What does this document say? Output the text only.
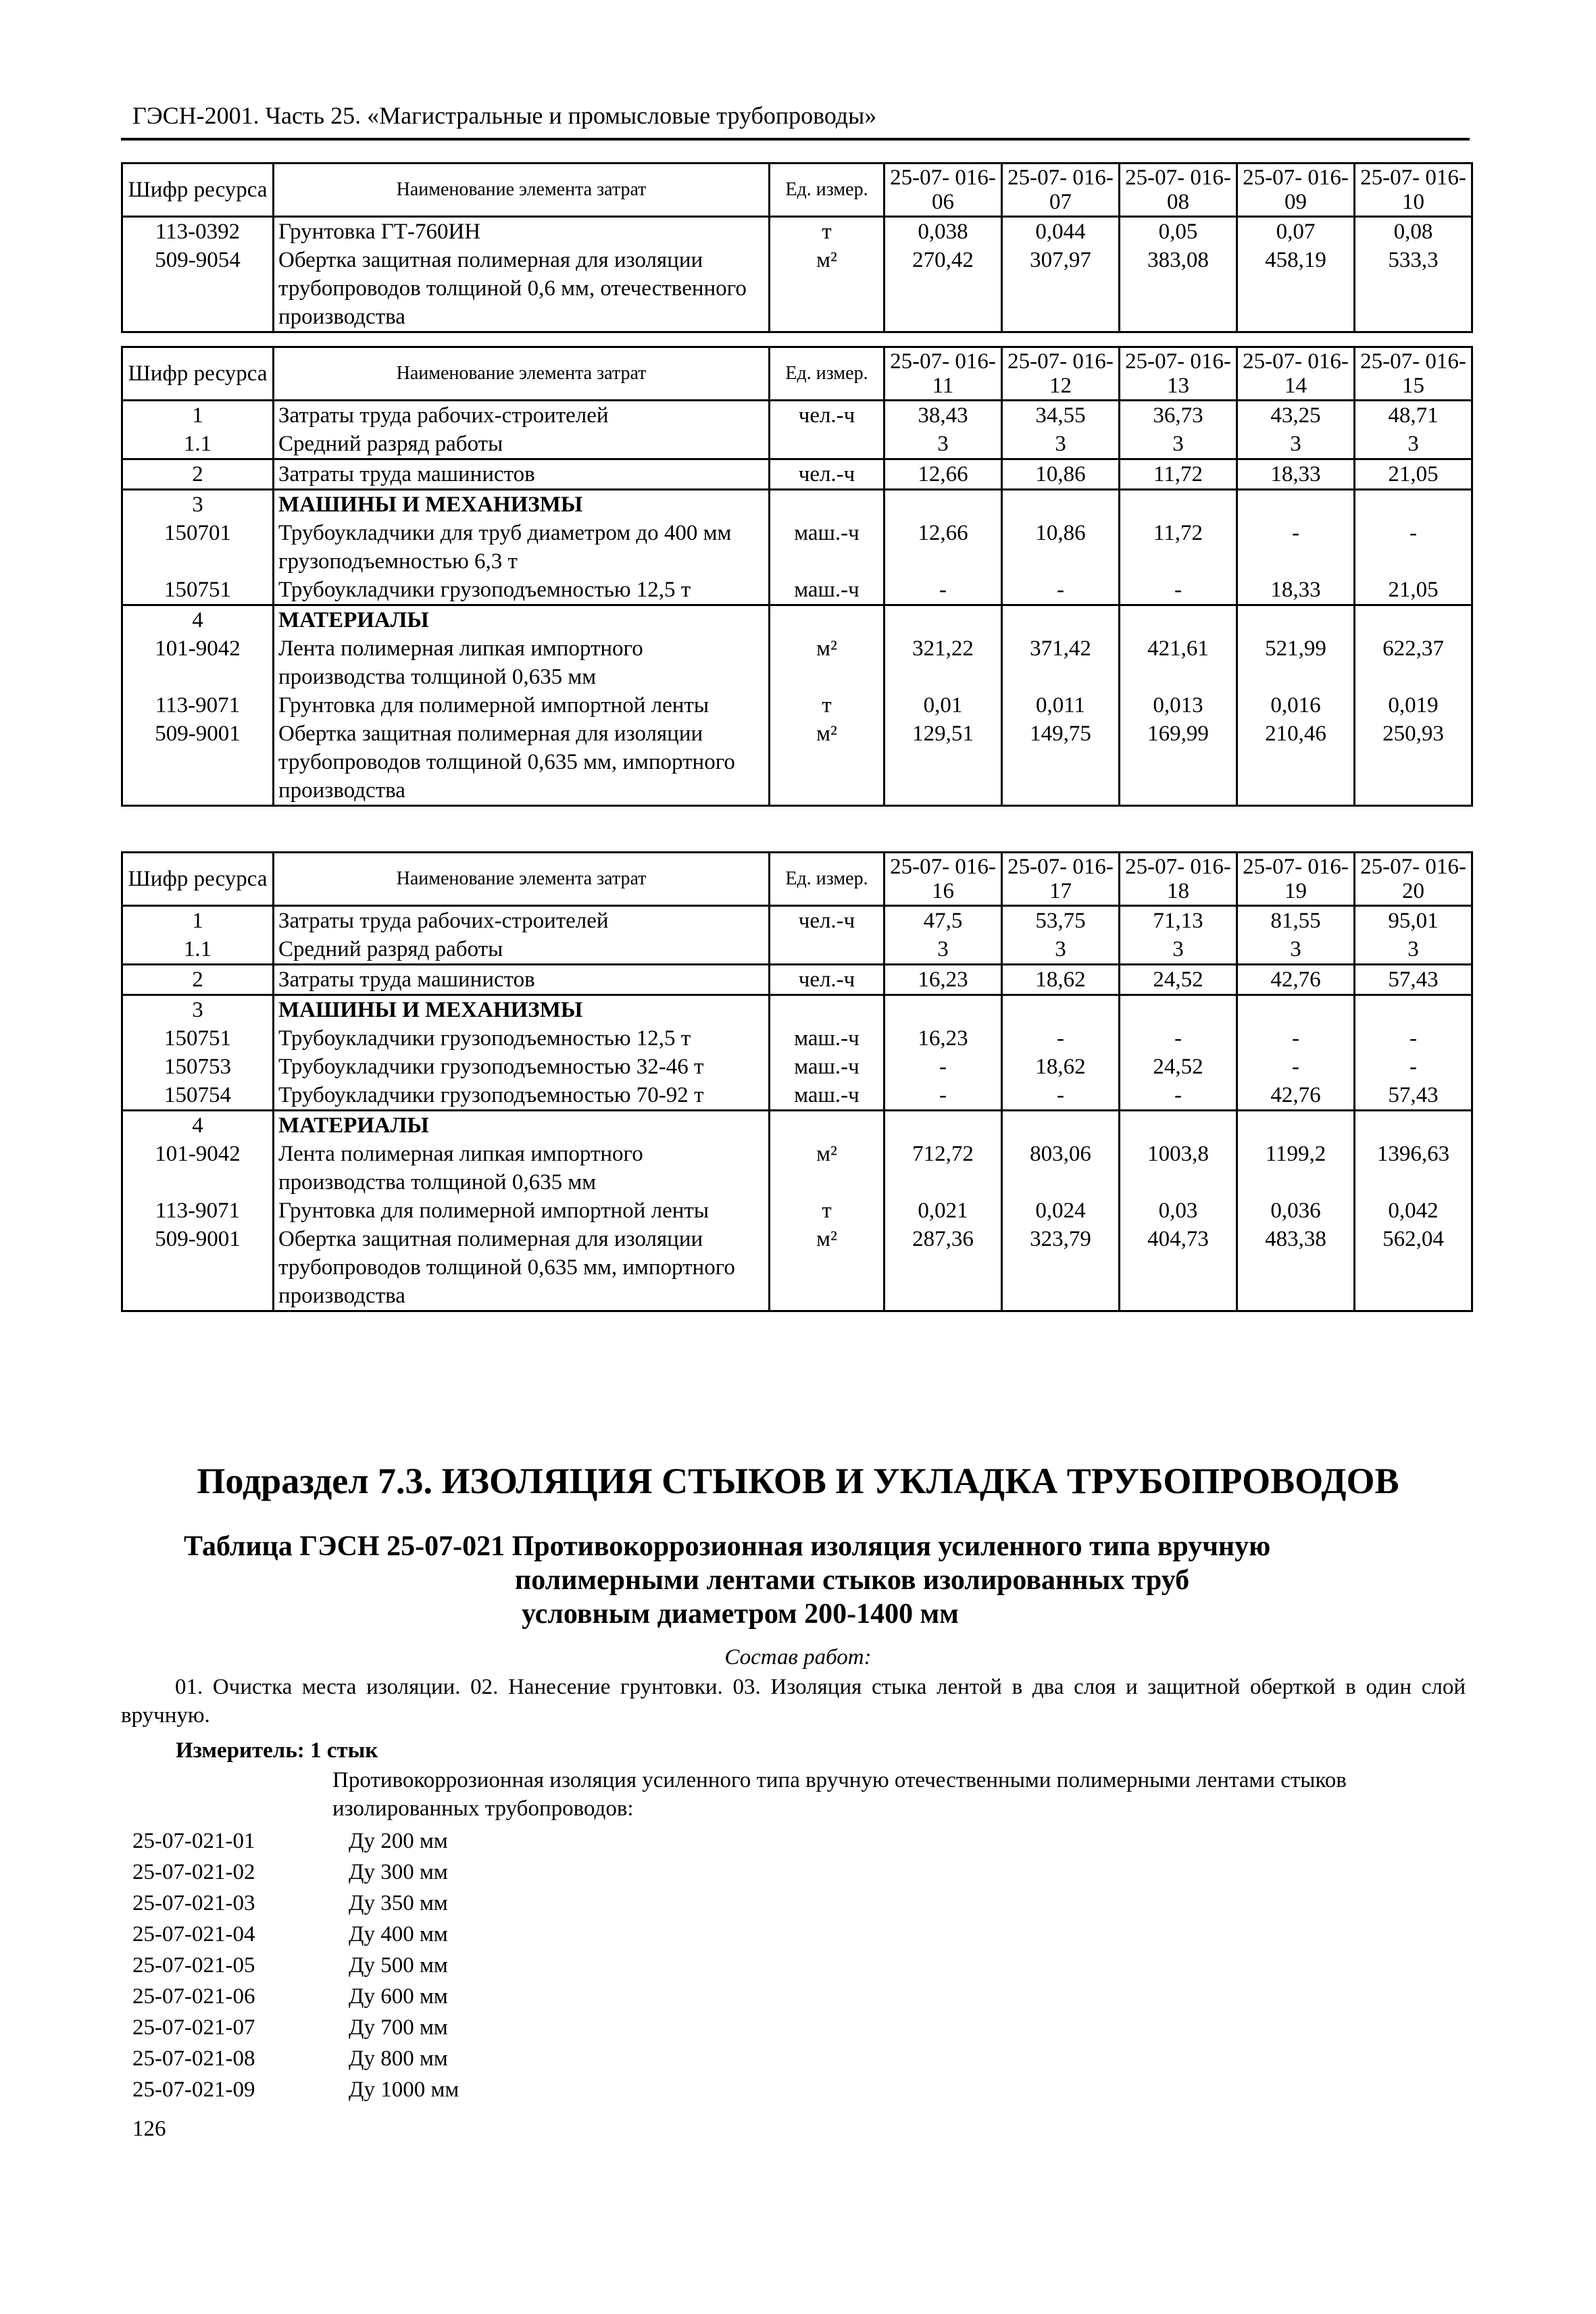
ГЭСН-2001. Часть 25. «Магистральные и промысловые трубопроводы»
Шифр ресурса	Наименование элемента затрат	Ед. измер.	25-07- 016-06	25-07- 016-07	25-07- 016-08	25-07- 016-09	25-07- 016-10
113-0392	Грунтовка ГТ-760ИН	т	0,038	0,044	0,05	0,07	0,08
509-9054	Обертка защитная полимерная для изоляции трубопроводов толщиной 0,6 мм, отечественного производства	м²	270,42	307,97	383,08	458,19	533,3
Шифр ресурса	Наименование элемента затрат	Ед. измер.	25-07- 016-11	25-07- 016-12	25-07- 016-13	25-07- 016-14	25-07- 016-15
1	Затраты труда рабочих-строителей	чел.-ч	38,43	34,55	36,73	43,25	48,71
1.1	Средний разряд работы		3	3	3	3	3
2	Затраты труда машинистов	чел.-ч	12,66	10,86	11,72	18,33	21,05
3	МАШИНЫ И МЕХАНИЗМЫ						
150701	Трубоукладчики для труб диаметром до 400 мм грузоподъемностью 6,3 т	маш.-ч	12,66	10,86	11,72	-	-
150751	Трубоукладчики грузоподъемностью 12,5 т	маш.-ч	-	-	-	18,33	21,05
4	МАТЕРИАЛЫ						
101-9042	Лента полимерная липкая импортного производства толщиной 0,635 мм	м²	321,22	371,42	421,61	521,99	622,37
113-9071	Грунтовка для полимерной импортной ленты	т	0,01	0,011	0,013	0,016	0,019
509-9001	Обертка защитная полимерная для изоляции трубопроводов толщиной 0,635 мм, импортного производства	м²	129,51	149,75	169,99	210,46	250,93
Шифр ресурса	Наименование элемента затрат	Ед. измер.	25-07- 016-16	25-07- 016-17	25-07- 016-18	25-07- 016-19	25-07- 016-20
1	Затраты труда рабочих-строителей	чел.-ч	47,5	53,75	71,13	81,55	95,01
1.1	Средний разряд работы		3	3	3	3	3
2	Затраты труда машинистов	чел.-ч	16,23	18,62	24,52	42,76	57,43
3	МАШИНЫ И МЕХАНИЗМЫ						
150751	Трубоукладчики грузоподъемностью 12,5 т	маш.-ч	16,23	-	-	-	-
150753	Трубоукладчики грузоподъемностью 32-46 т	маш.-ч	-	18,62	24,52	-	-
150754	Трубоукладчики грузоподъемностью 70-92 т	маш.-ч	-	-	-	42,76	57,43
4	МАТЕРИАЛЫ						
101-9042	Лента полимерная липкая импортного производства толщиной 0,635 мм	м²	712,72	803,06	1003,8	1199,2	1396,63
113-9071	Грунтовка для полимерной импортной ленты	т	0,021	0,024	0,03	0,036	0,042
509-9001	Обертка защитная полимерная для изоляции трубопроводов толщиной 0,635 мм, импортного производства	м²	287,36	323,79	404,73	483,38	562,04
Подраздел 7.3. ИЗОЛЯЦИЯ СТЫКОВ И УКЛАДКА ТРУБОПРОВОДОВ
Таблица ГЭСН 25-07-021 Противокоррозионная изоляция усиленного типа вручную
полимерными лентами стыков изолированных труб
условным диаметром 200-1400 мм
Состав работ:
01. Очистка места изоляции. 02. Нанесение грунтовки. 03. Изоляция стыка лентой в два слоя и защитной оберткой в один слой вручную.
Измеритель: 1 стык
Противокоррозионная изоляция усиленного типа вручную отечественными полимерными лентами стыков изолированных трубопроводов:
25-07-021-01	Ду 200 мм
25-07-021-02	Ду 300 мм
25-07-021-03	Ду 350 мм
25-07-021-04	Ду 400 мм
25-07-021-05	Ду 500 мм
25-07-021-06	Ду 600 мм
25-07-021-07	Ду 700 мм
25-07-021-08	Ду 800 мм
25-07-021-09	Ду 1000 мм
126
